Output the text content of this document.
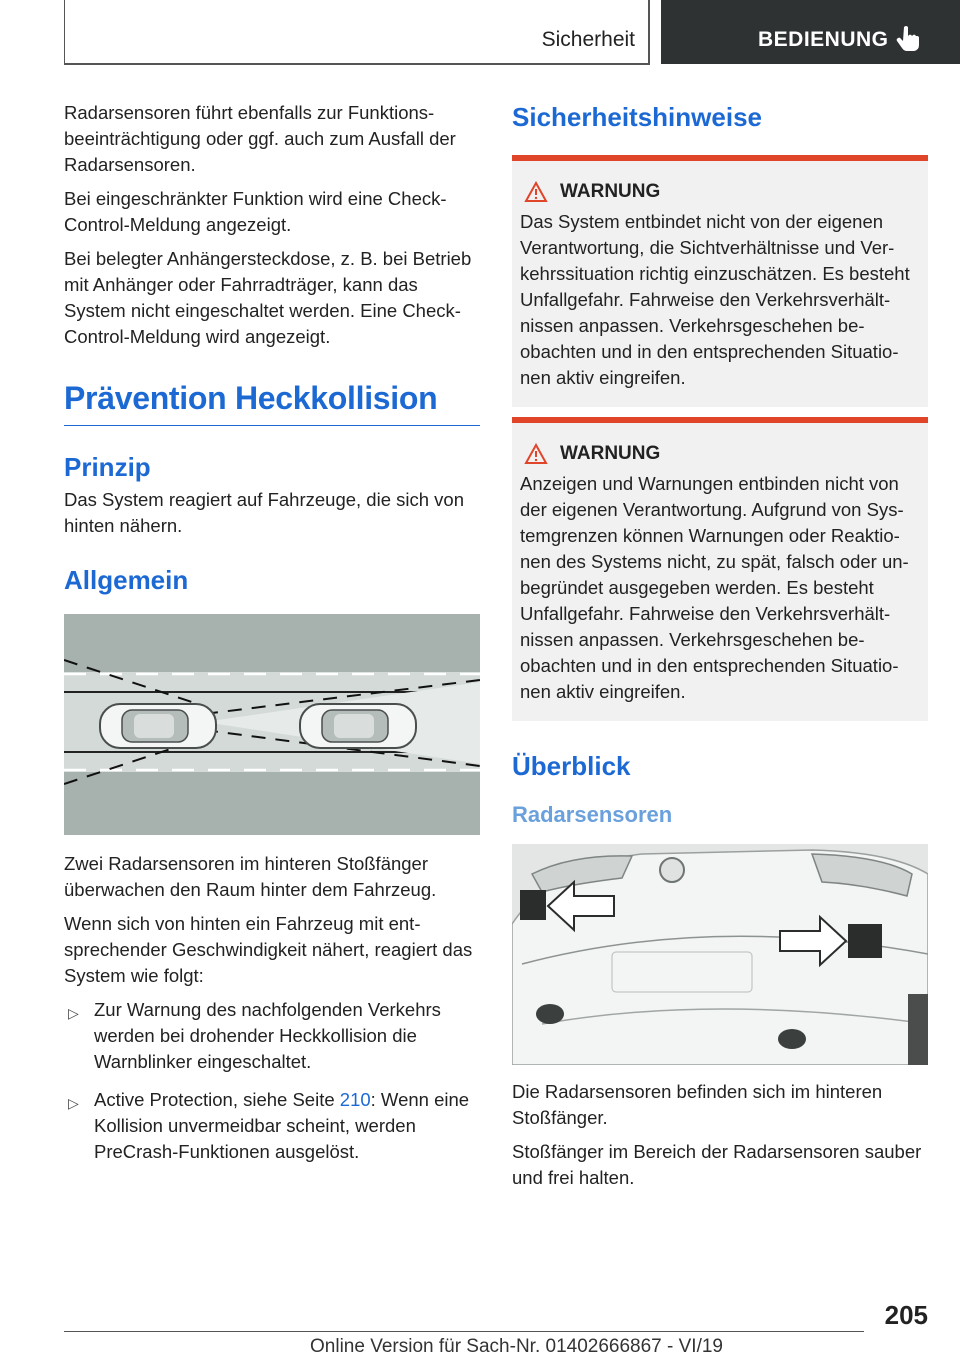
Sicherheit	BEDIENUNG

Radarsensoren führt ebenfalls zur Funktionsbeeinträchtigung oder ggf. auch zum Ausfall der Radarsensoren.

Bei eingeschränkter Funktion wird eine Check-Control-Meldung angezeigt.

Bei belegter Anhängersteckdose, z. B. bei Betrieb mit Anhänger oder Fahrradträger, kann das System nicht eingeschaltet werden. Eine Check-Control-Meldung wird angezeigt.

Prävention Heckkollision
Prinzip

Das System reagiert auf Fahrzeuge, die sich von hinten nähern.

Allgemein

Zwei Radarsensoren im hinteren Stoßfänger überwachen den Raum hinter dem Fahrzeug.

Wenn sich von hinten ein Fahrzeug mit entsprechender Geschwindigkeit nähert, reagiert das System wie folgt:

▷ Zur Warnung des nachfolgenden Verkehrs werden bei drohender Heckkollision die Warnblinker eingeschaltet.
▷ Active Protection, siehe Seite 210: Wenn eine Kollision unvermeidbar scheint, werden PreCrash-Funktionen ausgelöst.
Sicherheitshinweise
WARNUNG
Das System entbindet nicht von der eigenen Verantwortung, die Sichtverhältnisse und Verkehrssituation richtig einzuschätzen. Es besteht Unfallgefahr. Fahrweise den Verkehrsverhältnissen anpassen. Verkehrsgeschehen beobachten und in den entsprechenden Situationen aktiv eingreifen.
WARNUNG
Anzeigen und Warnungen entbinden nicht von der eigenen Verantwortung. Aufgrund von Systemgrenzen können Warnungen oder Reaktionen des Systems nicht, zu spät, falsch oder unbegründet ausgegeben werden. Es besteht Unfallgefahr. Fahrweise den Verkehrsverhältnissen anpassen. Verkehrsgeschehen beobachten und in den entsprechenden Situationen aktiv eingreifen.
Überblick
Radarsensoren

Die Radarsensoren befinden sich im hinteren Stoßfänger.

Stoßfänger im Bereich der Radarsensoren sauber und frei halten.

205
Online Version für Sach-Nr. 01402666867 - VI/19
